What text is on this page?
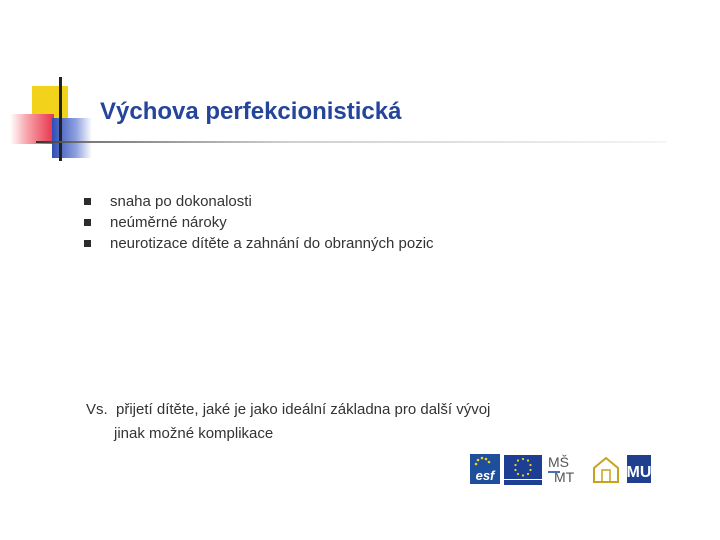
Výchova perfekcionistická
snaha po dokonalosti
neúměrné nároky
neurotizace dítěte a zahnání do obranných pozic
Vs.  přijetí dítěte, jaké je jako ideální základna pro další vývoj
jinak možné komplikace
esf
MŠ
MT	MU
